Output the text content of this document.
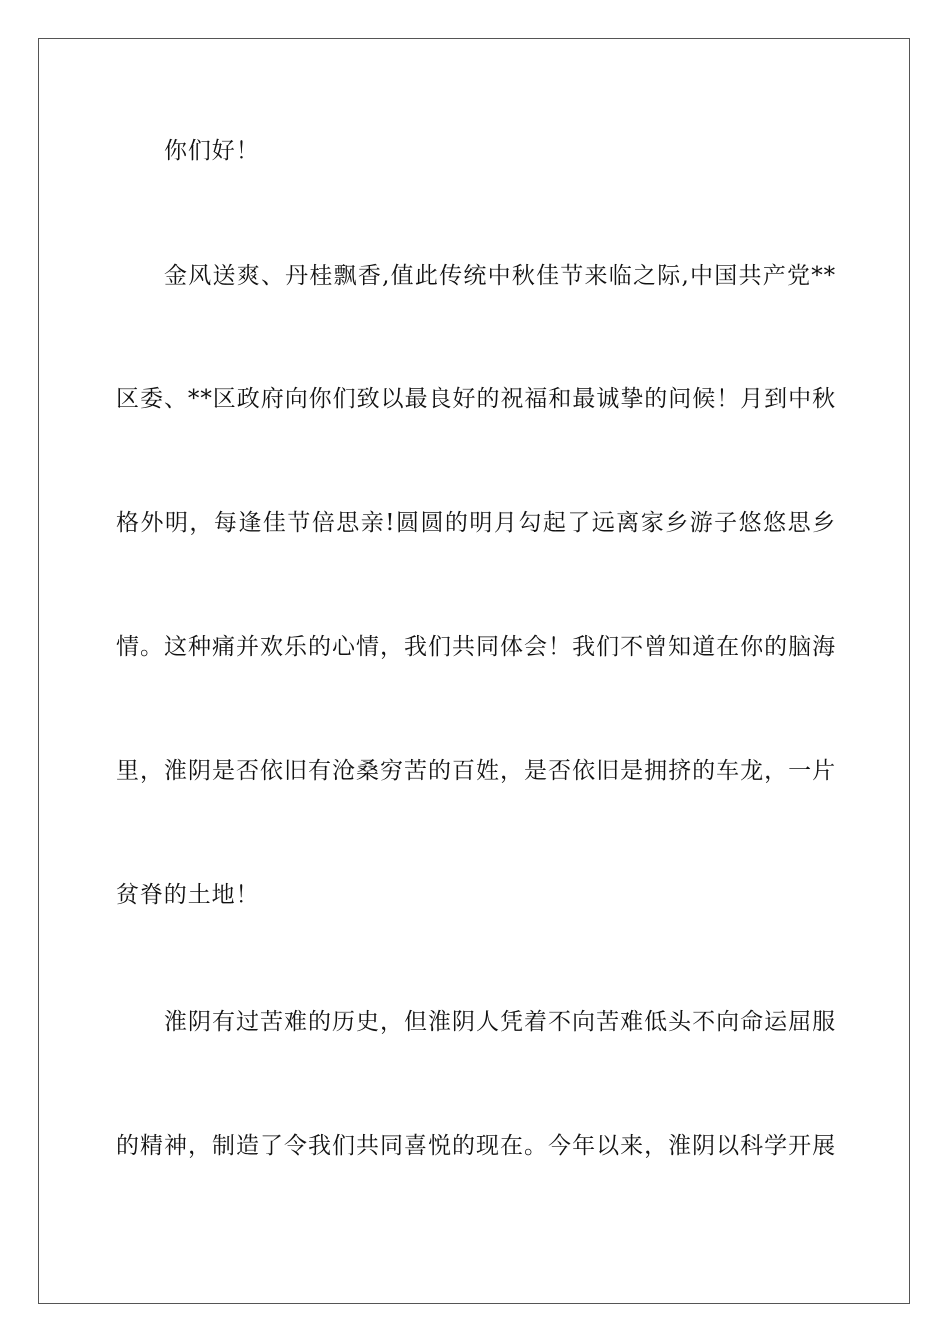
你们好！

金风送爽、丹桂飘香,值此传统中秋佳节来临之际,中国共产党**

区委、**区政府向你们致以最良好的祝福和最诚挚的问候！月到中秋

格外明，每逢佳节倍思亲!圆圆的明月勾起了远离家乡游子悠悠思乡

情。这种痛并欢乐的心情，我们共同体会！我们不曾知道在你的脑海

里，淮阴是否依旧有沧桑穷苦的百姓，是否依旧是拥挤的车龙，一片

贫脊的土地！

淮阴有过苦难的历史，但淮阴人凭着不向苦难低头不向命运屈服

的精神，制造了令我们共同喜悦的现在。今年以来，淮阴以科学开展
